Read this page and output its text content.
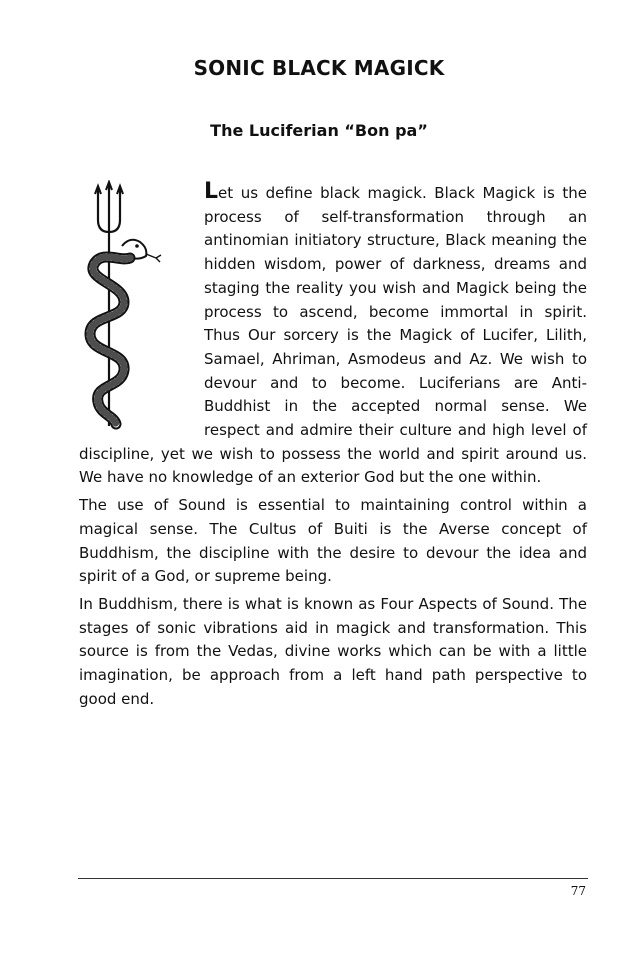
SONIC BLACK MAGICK
The Luciferian “Bon pa”

Let us define black magick. Black Magick is the process of self-transformation through an antinomian initiatory structure, Black meaning the hidden wisdom, power of darkness, dreams and staging the reality you wish and Magick being the process to ascend, become immortal in spirit. Thus Our sorcery is the Magick of Lucifer, Lilith, Samael, Ahriman, Asmodeus and Az. We wish to devour and to become. Luciferians are Anti-Buddhist in the accepted normal sense. We respect and admire their culture and high level of discipline, yet we wish to possess the world and spirit around us. We have no knowledge of an exterior God but the one within.

The use of Sound is essential to maintaining control within a magical sense. The Cultus of Buiti is the Averse concept of Buddhism, the discipline with the desire to devour the idea and spirit of a God, or supreme being.

In Buddhism, there is what is known as Four Aspects of Sound. The stages of sonic vibrations aid in magick and transformation. This source is from the Vedas, divine works which can be with a little imagination, be approach from a left hand path perspective to good end.

77
